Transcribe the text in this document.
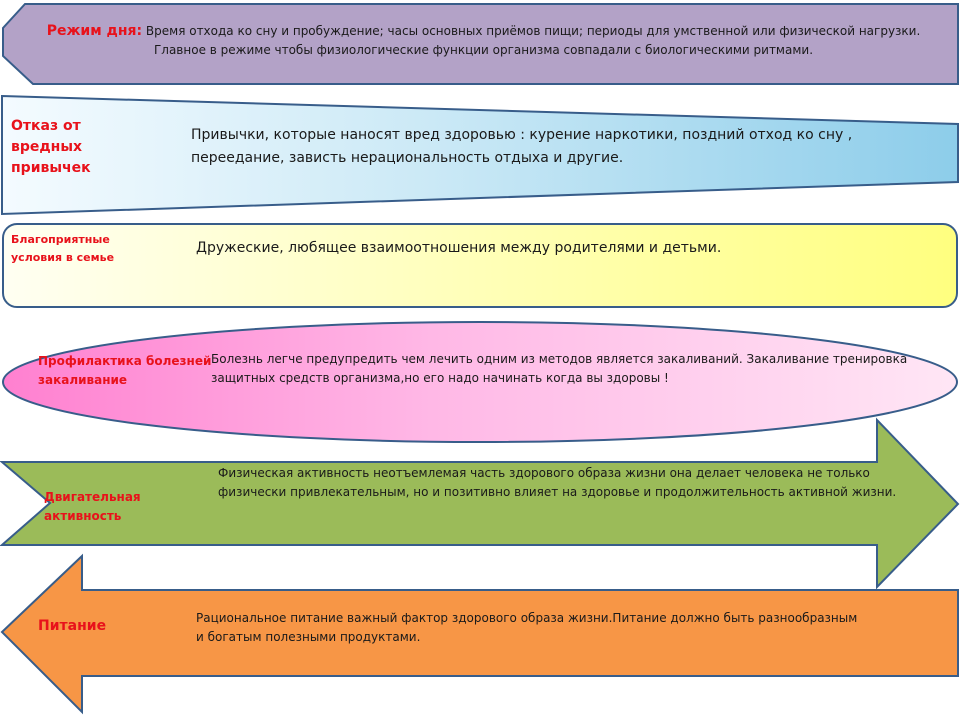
Режим дня: Время отхода ко сну и пробуждение; часы основных приёмов пищи; периоды для умственной или физической нагрузки.
Главное в режиме чтобы физиологические функции организма совпадали с биологическими ритмами.
Отказ от вредных привычек
Привычки, которые наносят вред здоровью : курение наркотики, поздний отход ко сну ,
переедание, зависть нерациональность отдыха и другие.
Благоприятные условия в семье
Дружеские, любящее взаимоотношения между родителями и детьми.
Профилактика болезней закаливание
Болезнь легче предупредить чем лечить одним из методов является закаливаний. Закаливание тренировка
защитных средств организма,но его надо начинать когда вы здоровы !
Двигательная активность
Физическая активность неотъемлемая часть здорового образа жизни она делает человека не только
физически привлекательным, но и позитивно влияет на здоровье и продолжительность активной жизни.
Питание	Рациональное питание важный фактор здорового образа жизни.Питание должно быть разнообразным
и богатым полезными продуктами.
